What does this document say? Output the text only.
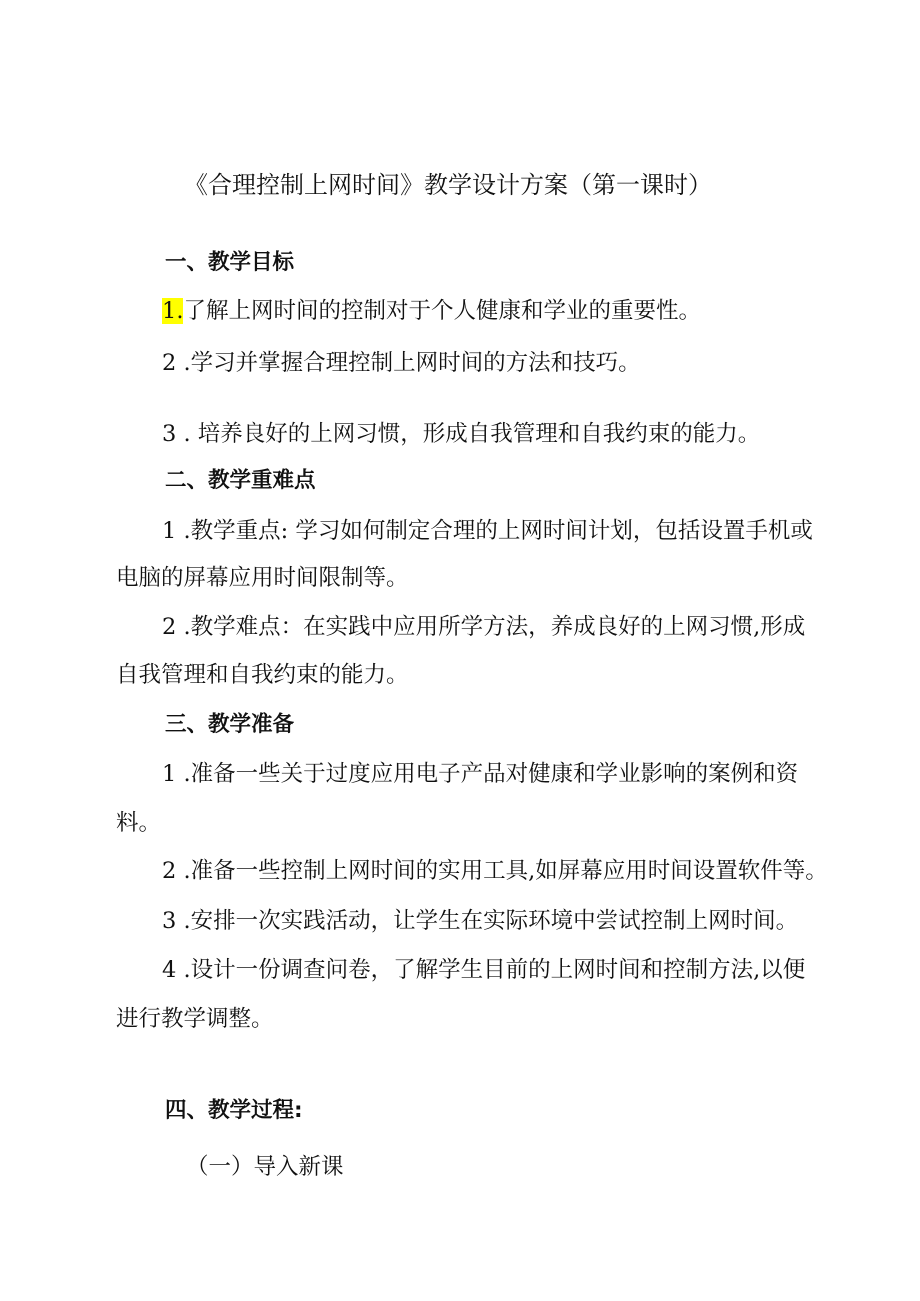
《合理控制上网时间》教学设计方案（第一课时）
一、教学目标
1.了解上网时间的控制对于个人健康和学业的重要性。
2 .学习并掌握合理控制上网时间的方法和技巧。
3 . 培养良好的上网习惯，形成自我管理和自我约束的能力。
二、教学重难点
1 .教学重点: 学习如何制定合理的上网时间计划，包括设置手机或
电脑的屏幕应用时间限制等。
2 .教学难点：在实践中应用所学方法，养成良好的上网习惯,形成
自我管理和自我约束的能力。
三、教学准备
1 .准备一些关于过度应用电子产品对健康和学业影响的案例和资
料。
2 .准备一些控制上网时间的实用工具,如屏幕应用时间设置软件等。
3 .安排一次实践活动，让学生在实际环境中尝试控制上网时间。
4 .设计一份调查问卷，了解学生目前的上网时间和控制方法,以便
进行教学调整。
四、教学过程:
（一）导入新课
